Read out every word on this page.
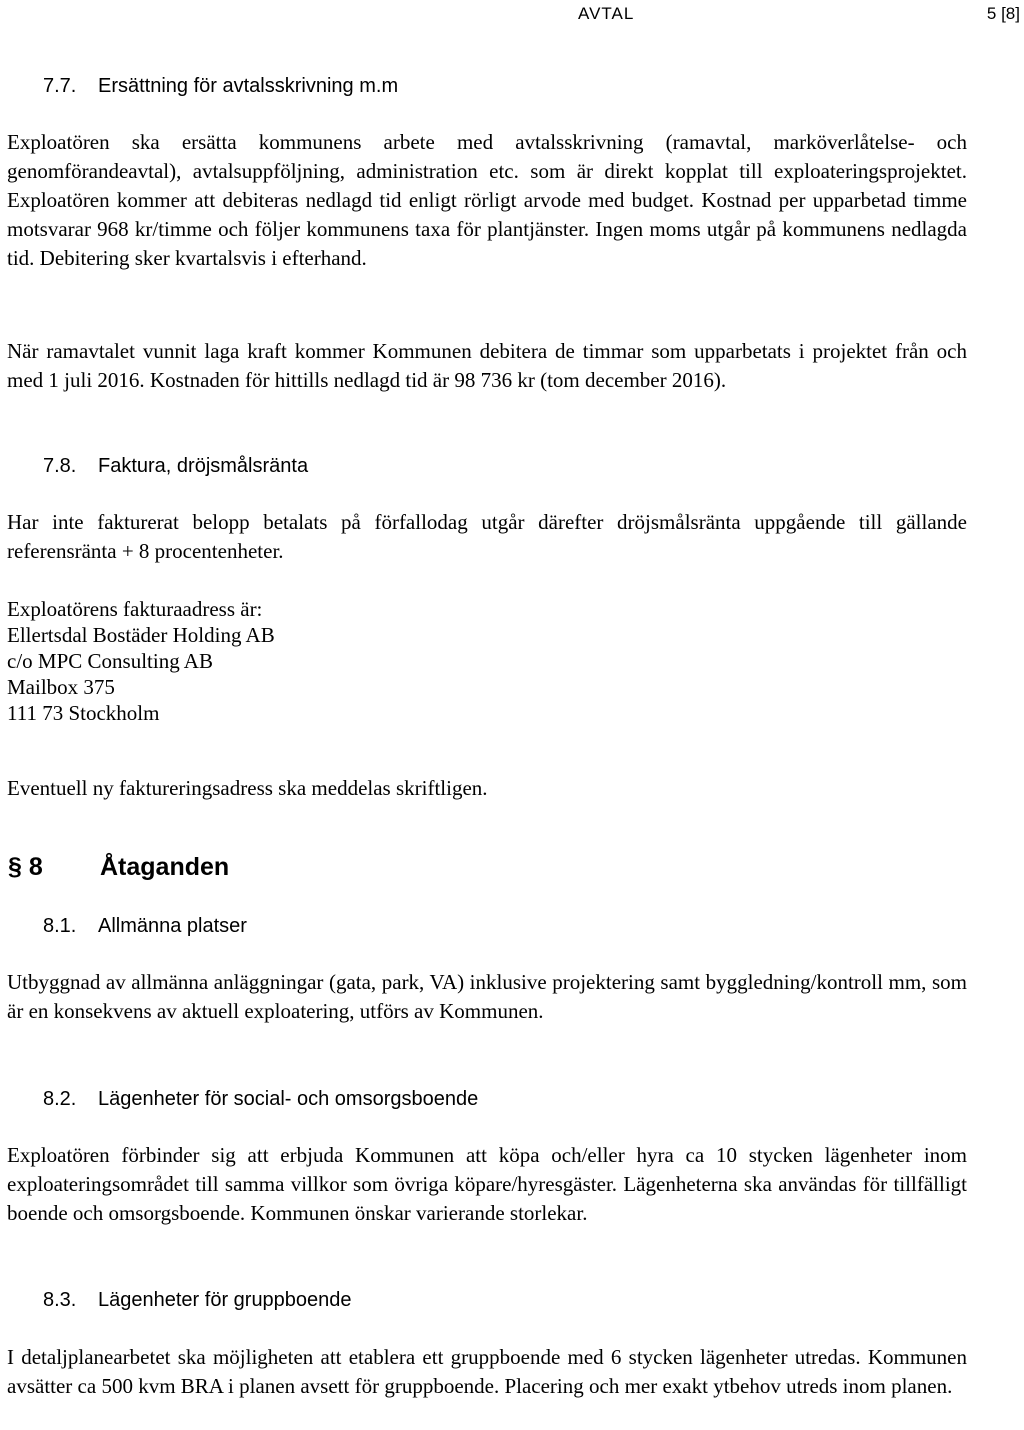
AVTAL	5 [8]
7.7. Ersättning för avtalsskrivning m.m

Exploatören ska ersätta kommunens arbete med avtalsskrivning (ramavtal, marköverlåtelse- och genomförandeavtal), avtalsuppföljning, administration etc. som är direkt kopplat till exploateringsprojektet. Exploatören kommer att debiteras nedlagd tid enligt rörligt arvode med budget. Kostnad per upparbetad timme motsvarar 968 kr/timme och följer kommunens taxa för plantjänster. Ingen moms utgår på kommunens nedlagda tid. Debitering sker kvartalsvis i efterhand.

När ramavtalet vunnit laga kraft kommer Kommunen debitera de timmar som upparbetats i projektet från och med 1 juli 2016. Kostnaden för hittills nedlagd tid är 98 736 kr (tom december 2016).

7.8. Faktura, dröjsmålsränta

Har inte fakturerat belopp betalats på förfallodag utgår därefter dröjsmålsränta uppgående till gällande referensränta + 8 procentenheter.

Exploatörens fakturaadress är:
Ellertsdal Bostäder Holding AB
c/o MPC Consulting AB
Mailbox 375
111 73 Stockholm

Eventuell ny faktureringsadress ska meddelas skriftligen.

§ 8 Åtaganden
8.1. Allmänna platser

Utbyggnad av allmänna anläggningar (gata, park, VA) inklusive projektering samt byggledning/kontroll mm, som är en konsekvens av aktuell exploatering, utförs av Kommunen.

8.2. Lägenheter för social- och omsorgsboende

Exploatören förbinder sig att erbjuda Kommunen att köpa och/eller hyra ca 10 stycken lägenheter inom exploateringsområdet till samma villkor som övriga köpare/hyresgäster. Lägenheterna ska användas för tillfälligt boende och omsorgsboende. Kommunen önskar varierande storlekar.

8.3. Lägenheter för gruppboende

I detaljplanearbetet ska möjligheten att etablera ett gruppboende med 6 stycken lägenheter utredas. Kommunen avsätter ca 500 kvm BRA i planen avsett för gruppboende. Placering och mer exakt ytbehov utreds inom planen.
